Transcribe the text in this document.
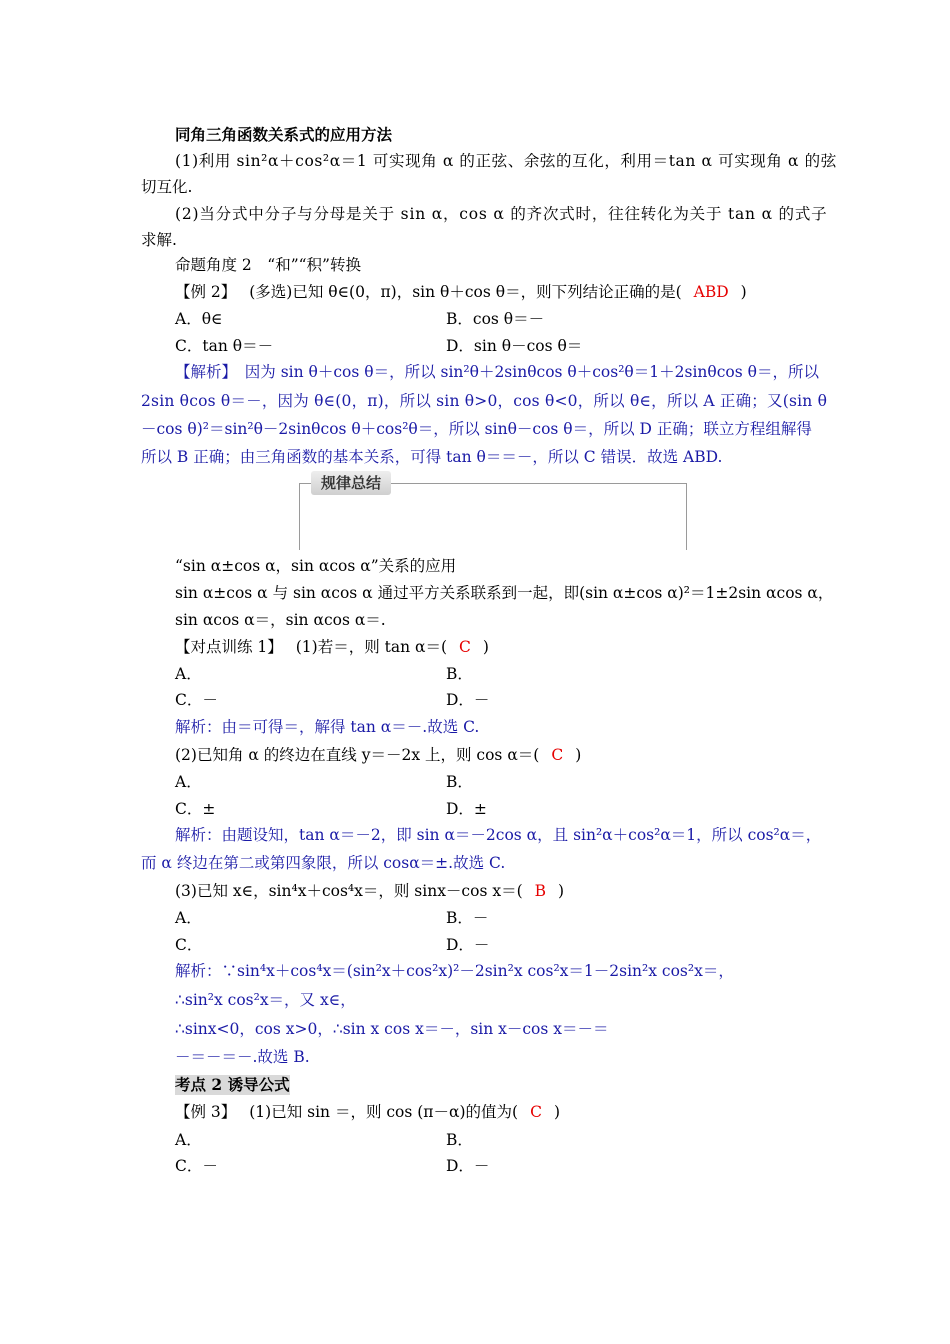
同角三角函数关系式的应用方法
(1)利用 sin²α＋cos²α＝1 可实现角 α 的正弦、余弦的互化，利用＝tan α 可实现角 α 的弦
切互化.
(2)当分式中分子与分母是关于 sin α，cos α 的齐次式时，往往转化为关于 tan α 的式子
求解.
命题角度 2　“和”“积”转换
【例 2】 (多选)已知 θ∈(0，π)，sin θ＋cos θ＝，则下列结论正确的是( ABD )
A．θ∈	B．cos θ＝－
C．tan θ＝－	D．sin θ－cos θ＝
【解析】　因为 sin θ＋cos θ＝，所以 sin²θ＋2sinθcos θ＋cos²θ＝1＋2sinθcos θ＝，所以
2sin θcos θ＝－，因为 θ∈(0，π)，所以 sin θ>0，cos θ<0，所以 θ∈，所以 A 正确；又(sin θ
－cos θ)²＝sin²θ－2sinθcos θ＋cos²θ＝，所以 sinθ－cos θ＝，所以 D 正确；联立方程组解得
所以 B 正确；由三角函数的基本关系，可得 tan θ＝＝－，所以 C 错误．故选 ABD.
规律总结
“sin α±cos α，sin αcos α”关系的应用
sin α±cos α 与 sin αcos α 通过平方关系联系到一起，即(sin α±cos α)²＝1±2sin αcos α，
sin αcos α＝，sin αcos α＝.
【对点训练 1】 (1)若＝，则 tan α＝( C )
A．	B．
C．－	D．－
解析：由＝可得＝，解得 tan α＝－.故选 C.
(2)已知角 α 的终边在直线 y＝－2x 上，则 cos α＝( C )
A．	B．
C．±	D．±
解析：由题设知，tan α＝－2，即 sin α＝－2cos α，且 sin²α＋cos²α＝1，所以 cos²α＝，
而 α 终边在第二或第四象限，所以 cosα＝±.故选 C.
(3)已知 x∈，sin⁴x＋cos⁴x＝，则 sinx－cos x＝( B )
A．	B．－
C．	D．－
解析：∵sin⁴x＋cos⁴x＝(sin²x＋cos²x)²－2sin²x cos²x＝1－2sin²x cos²x＝，
∴sin²x cos²x＝，又 x∈，
∴sinx<0，cos x>0，∴sin x cos x＝－，sin x－cos x＝－＝
－＝－＝－.故选 B.
考点 2 诱导公式
【例 3】 (1)已知 sin ＝，则 cos (π－α)的值为( C )
A．	B．
C．－	D．－
